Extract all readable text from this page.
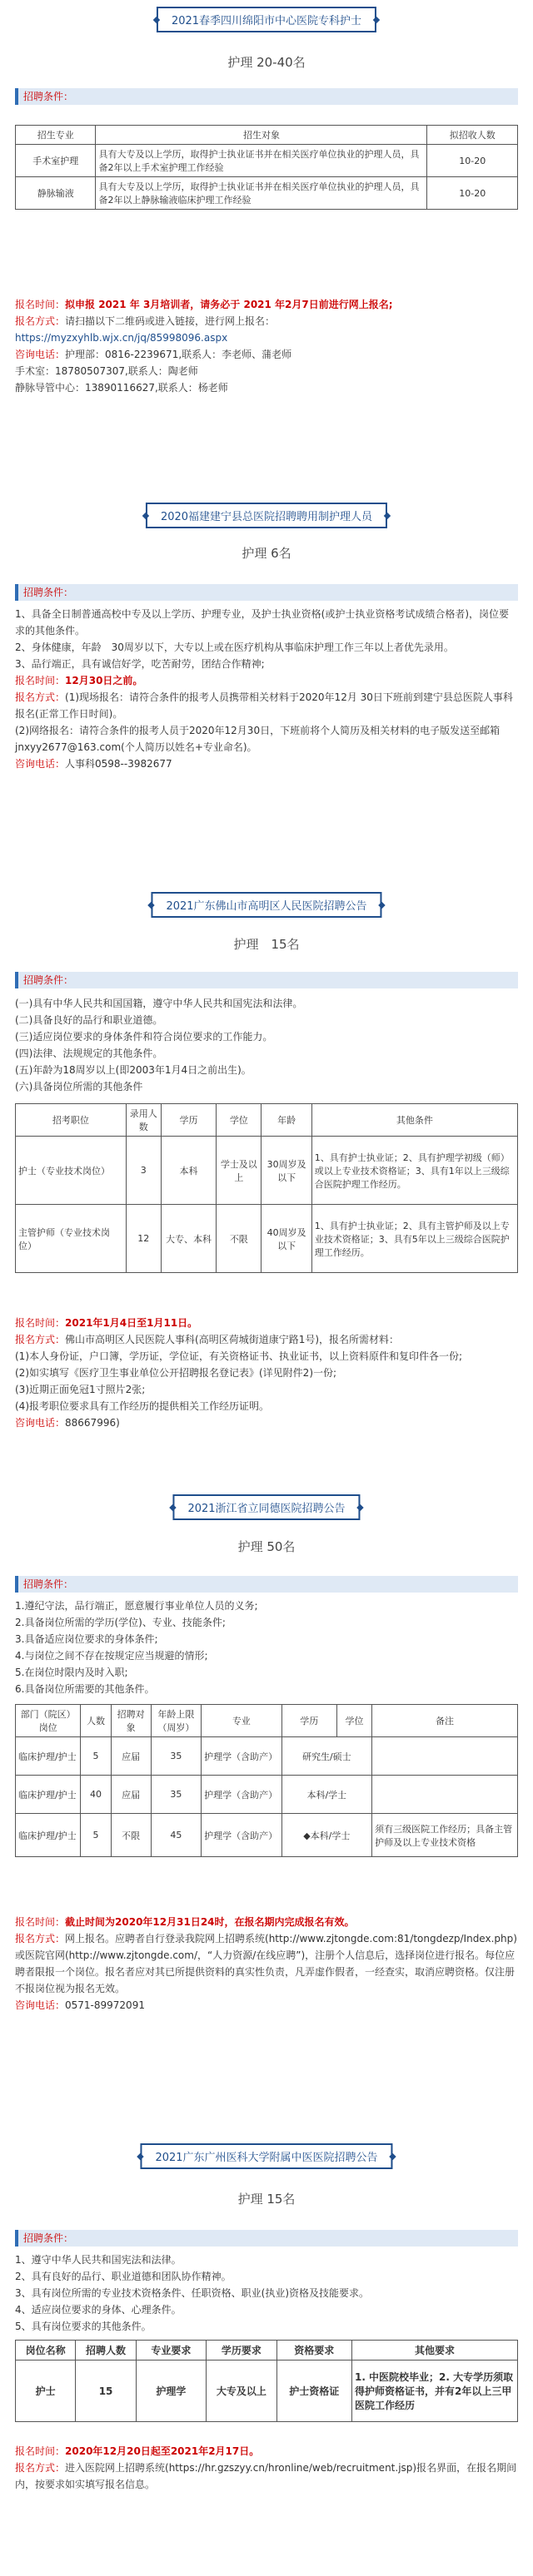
2021春季四川绵阳市中心医院专科护士
护理 20-40名
招聘条件：
招生专业	招生对象	拟招收人数
手术室护理	具有大专及以上学历，取得护士执业证书并在相关医疗单位执业的护理人员，具备2年以上手术室护理工作经验	10-20
静脉输液	具有大专及以上学历，取得护士执业证书并在相关医疗单位执业的护理人员，具备2年以上静脉输液临床护理工作经验	10-20

报名时间：拟申报 2021 年 3月培训者，请务必于 2021 年2月7日前进行网上报名;

报名方式：请扫描以下二维码或进入链接，进行网上报名：

https://myzxyhlb.wjx.cn/jq/85998096.aspx

咨询电话：护理部：0816-2239671,联系人：李老师、蒲老师

手术室：18780507307,联系人：陶老师

静脉导管中心：13890116627,联系人：杨老师

2020福建建宁县总医院招聘聘用制护理人员
护理 6名
招聘条件：

1、具备全日制普通高校中专及以上学历、护理专业，及护士执业资格(或护士执业资格考试成绩合格者)，岗位要求的其他条件。

2、身体健康，年龄　30周岁以下，大专以上或在医疗机构从事临床护理工作三年以上者优先录用。

3、品行端正，具有诚信好学，吃苦耐劳，团结合作精神;

报名时间：12月30日之前。

报名方式：(1)现场报名：请符合条件的报考人员携带相关材料于2020年12月 30日下班前到建宁县总医院人事科报名(正常工作日时间)。

(2)网络报名：请符合条件的报考人员于2020年12月30日，下班前将个人简历及相关材料的电子版发送至邮箱jnxyy2677@163.com(个人简历以姓名+专业命名)。

咨询电话：人事科0598--3982677

2021广东佛山市高明区人民医院招聘公告
护理　15名
招聘条件：

(一)具有中华人民共和国国籍，遵守中华人民共和国宪法和法律。

(二)具备良好的品行和职业道德。

(三)适应岗位要求的身体条件和符合岗位要求的工作能力。

(四)法律、法规规定的其他条件。

(五)年龄为18周岁以上(即2003年1月4日之前出生)。

(六)具备岗位所需的其他条件

招考职位	录用人数	学历	学位	年龄	其他条件
护士（专业技术岗位）	3	本科	学士及以上	30周岁及以下	1、具有护士执业证；2、具有护理学初级（师）或以上专业技术资格证；3、具有1年以上三级综合医院护理工作经历。
主管护师（专业技术岗位）	12	大专、本科	不限	40周岁及以下	1、具有护士执业证；2、具有主管护师及以上专业技术资格证；3、具有5年以上三级综合医院护理工作经历。

报名时间：2021年1月4日至1月11日。

报名方式：佛山市高明区人民医院人事科(高明区荷城街道康宁路1号)，报名所需材料：

(1)本人身份证，户口簿，学历证，学位证，有关资格证书、执业证书，以上资料原件和复印件各一份;

(2)如实填写《医疗卫生事业单位公开招聘报名登记表》(详见附件2)一份;

(3)近期正面免冠1寸照片2张;

(4)报考职位要求具有工作经历的提供相关工作经历证明。

咨询电话：88667996)

2021浙江省立同德医院招聘公告
护理 50名
招聘条件：

1.遵纪守法，品行端正，愿意履行事业单位人员的义务;

2.具备岗位所需的学历(学位)、专业、技能条件;

3.具备适应岗位要求的身体条件;

4.与岗位之间不存在按规定应当规避的情形;

5.在岗位时限内及时入职;

6.具备岗位所需要的其他条件。

部门（院区）岗位	人数	招聘对象	年龄上限（周岁）	专业	学历	学位	备注
临床护理/护士	5	应届	35	护理学（含助产）	研究生/硕士		
临床护理/护士	40	应届	35	护理学（含助产）	本科/学士		
临床护理/护士	5	不限	45	护理学（含助产）	◆本科/学士		须有三级医院工作经历；具备主管护师及以上专业技术资格

报名时间：截止时间为2020年12月31日24时，在报名期内完成报名有效。

报名方式：网上报名。应聘者自行登录我院网上招聘系统(http://www.zjtongde.com:81/tongdezp/Index.php)或医院官网(http://www.zjtongde.com/，“人力资源/在线应聘”)，注册个人信息后，选择岗位进行报名。每位应聘者限报一个岗位。报名者应对其已所提供资料的真实性负责，凡弄虚作假者，一经查实，取消应聘资格。仅注册不报岗位视为报名无效。

咨询电话：0571-89972091

2021广东广州医科大学附属中医医院招聘公告
护理 15名
招聘条件：

1、遵守中华人民共和国宪法和法律。

2、具有良好的品行、职业道德和团队协作精神。

3、具有岗位所需的专业技术资格条件、任职资格、职业(执业)资格及技能要求。

4、适应岗位要求的身体、心理条件。

5、具有岗位要求的其他条件。

岗位名称	招聘人数	专业要求	学历要求	资格要求	其他要求
护士	15	护理学	大专及以上	护士资格证	1. 中医院校毕业；2. 大专学历须取得护师资格证书，并有2年以上三甲医院工作经历

报名时间：2020年12月20日起至2021年2月17日。

报名方式：进入医院网上招聘系统(https://hr.gzszyy.cn/hronline/web/recruitment.jsp)报名界面，在报名期间内，按要求如实填写报名信息。
